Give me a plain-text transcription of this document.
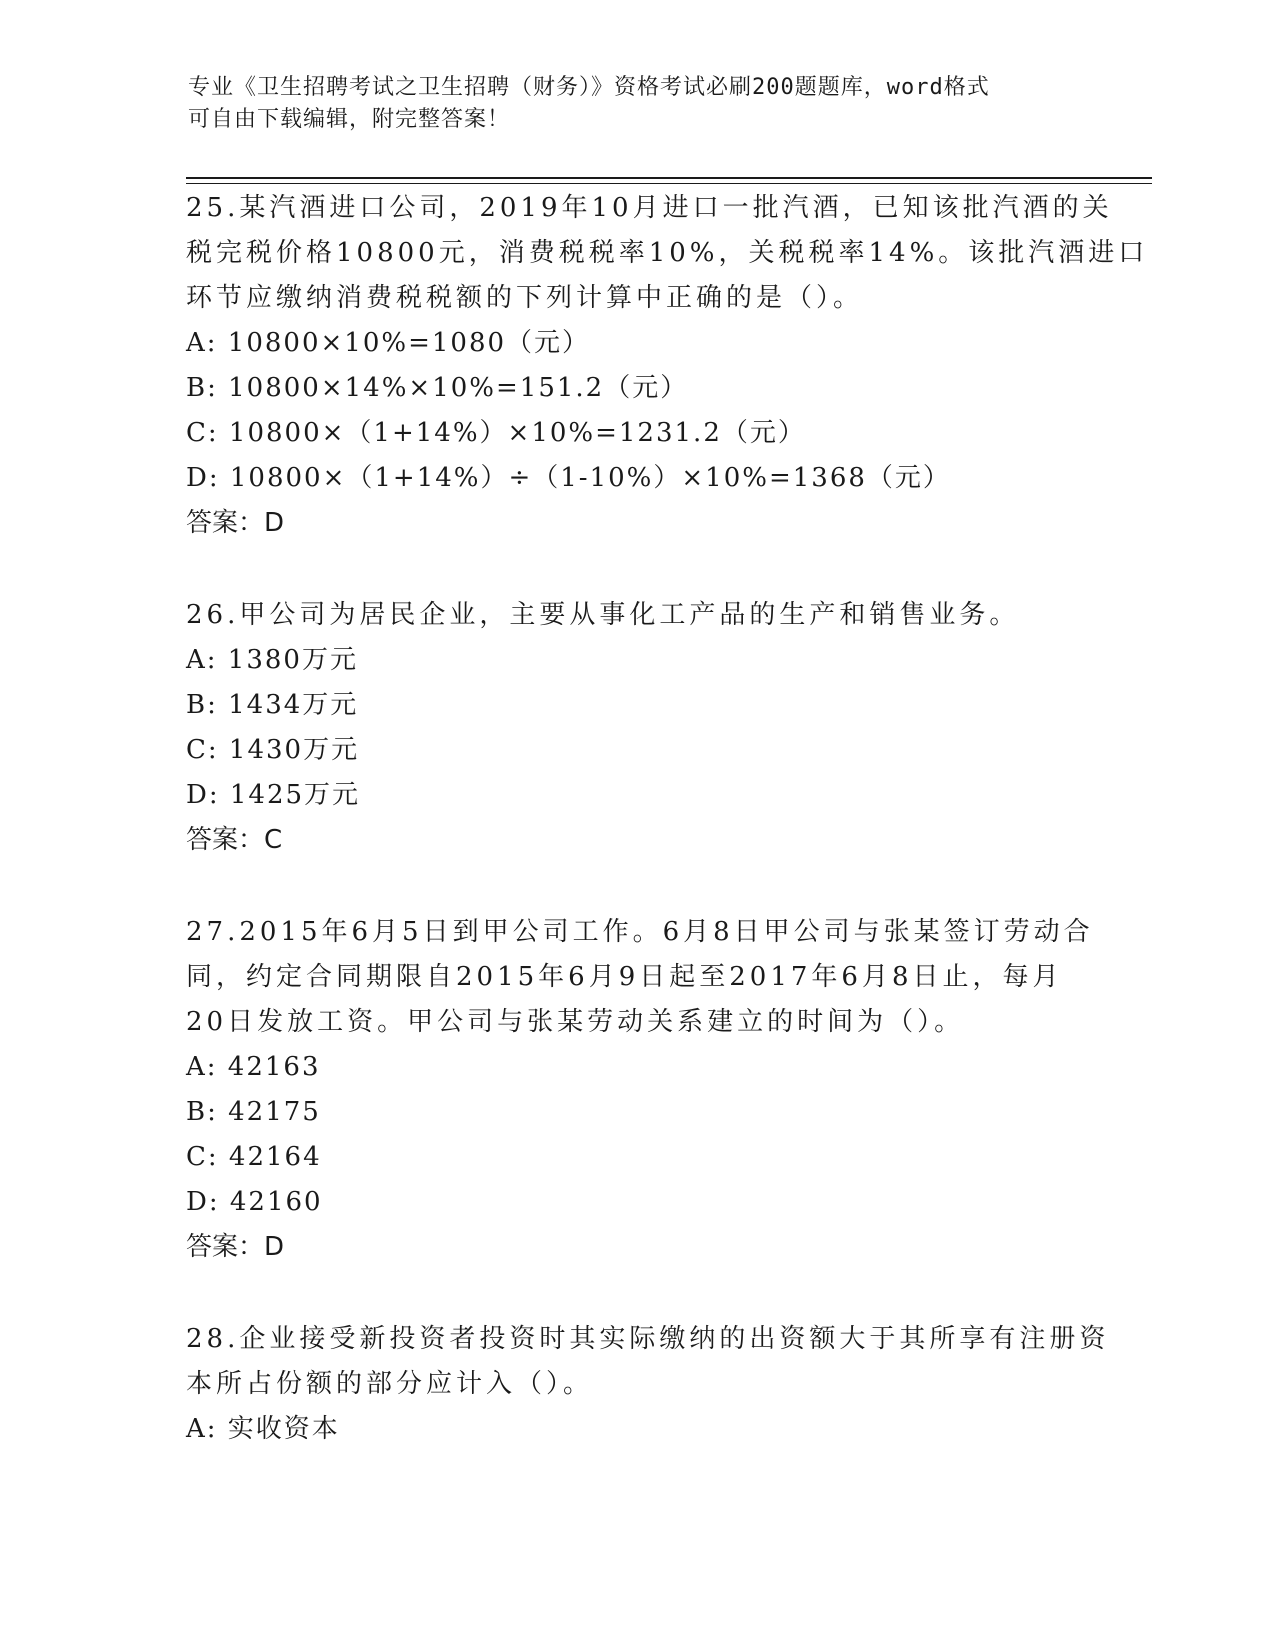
专业《卫生招聘考试之卫生招聘（财务）》资格考试必刷200题题库，word格式
可自由下载编辑，附完整答案！
25.某汽酒进口公司，2019年10月进口一批汽酒，已知该批汽酒的关
税完税价格10800元，消费税税率10%，关税税率14%。该批汽酒进口
环节应缴纳消费税税额的下列计算中正确的是（）。
A: 10800×10%=1080（元）
B: 10800×14%×10%=151.2（元）
C: 10800×（1+14%）×10%=1231.2（元）
D: 10800×（1+14%）÷（1-10%）×10%=1368（元）
答案：D
26.甲公司为居民企业，主要从事化工产品的生产和销售业务。
A: 1380万元
B: 1434万元
C: 1430万元
D: 1425万元
答案：C
27.2015年6月5日到甲公司工作。6月8日甲公司与张某签订劳动合
同，约定合同期限自2015年6月9日起至2017年6月8日止，每月
20日发放工资。甲公司与张某劳动关系建立的时间为（）。
A: 42163
B: 42175
C: 42164
D: 42160
答案：D
28.企业接受新投资者投资时其实际缴纳的出资额大于其所享有注册资
本所占份额的部分应计入（）。
A: 实收资本
